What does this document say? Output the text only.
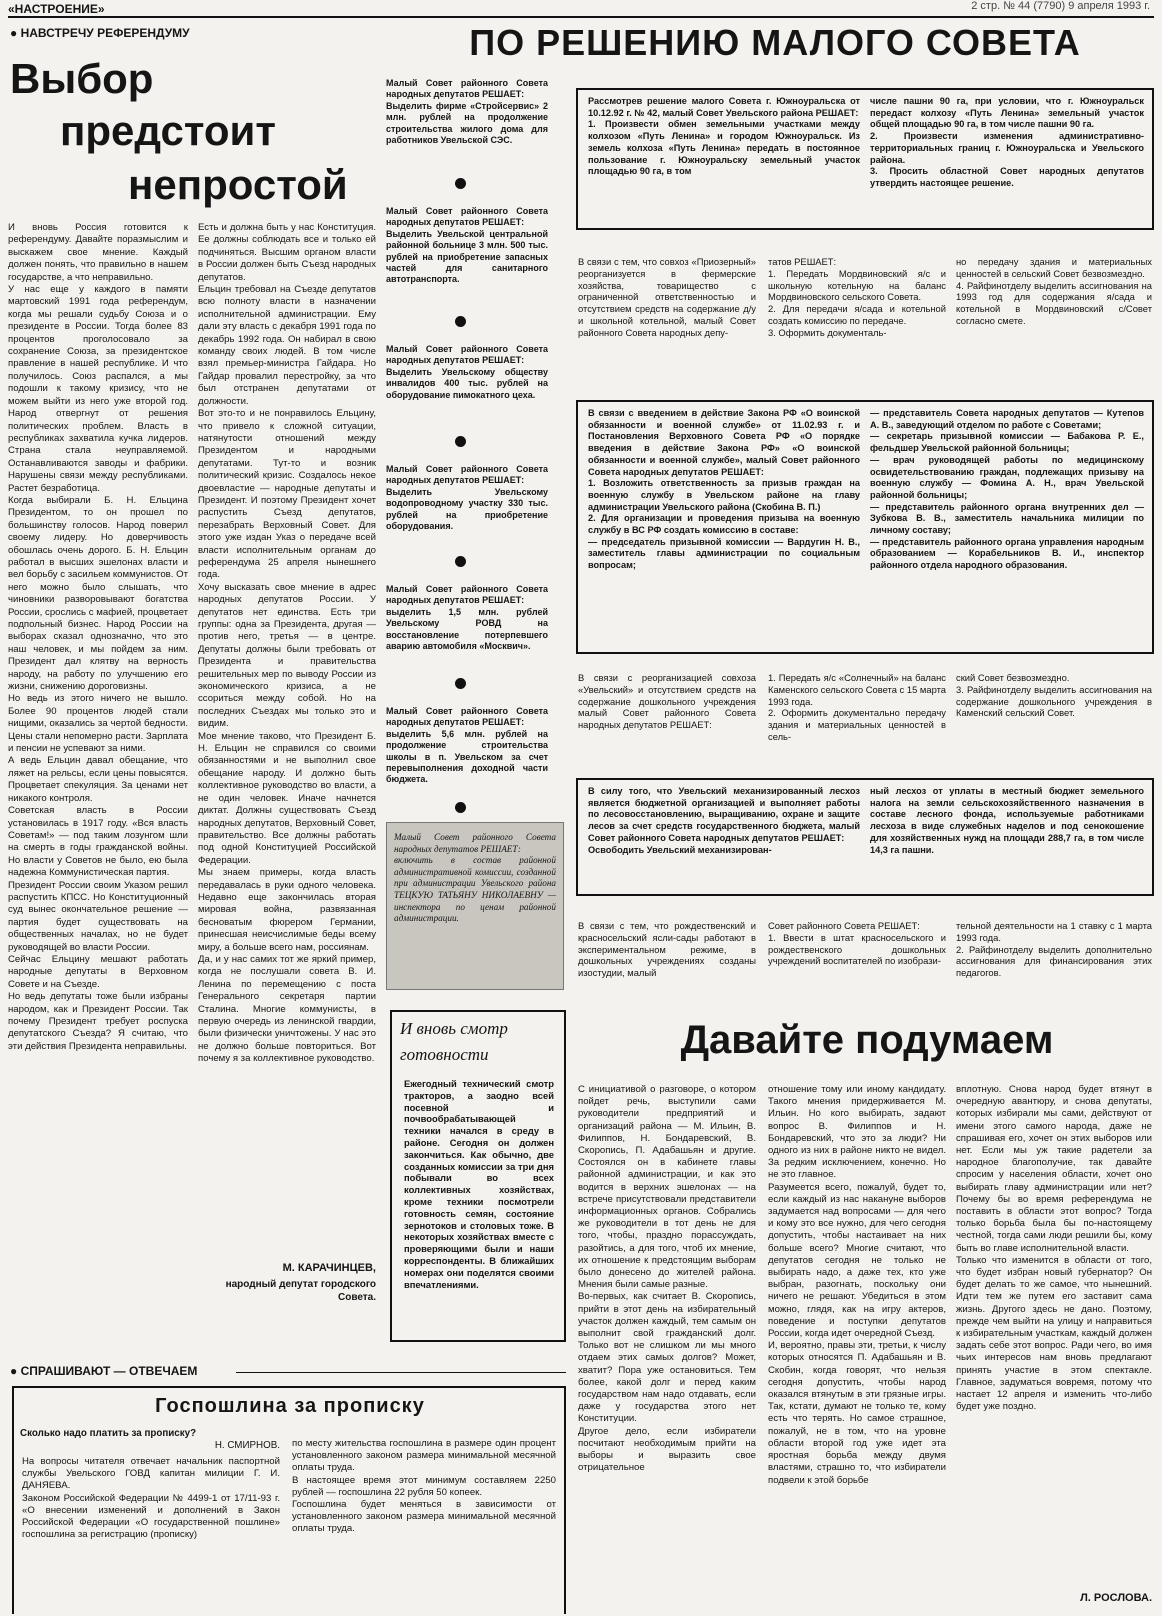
«НАСТРОЕНИЕ»	2 стр. № 44 (7790) 9 апреля 1993 г.
● НАВСТРЕЧУ РЕФЕРЕНДУМУ
Выбор
предстоит
непростой
И вновь Россия готовится к референдуму. Давайте поразмыслим и выскажем свое мнение. Каждый должен понять, что правильно в нашем государстве, а что неправильно.
У нас еще у каждого в памяти мартовский 1991 года референдум, когда мы решали судьбу Союза и о президенте в России. Тогда более 83 процентов проголосовало за сохранение Союза, за президентское правление в нашей республике. И что получилось. Союз распался, а мы подошли к такому кризису, что не можем выйти из него уже второй год. Народ отвергнут от решения политических проблем. Власть в республиках захватила кучка лидеров. Страна стала неуправляемой. Останавливаются заводы и фабрики. Нарушены связи между республиками. Растет безработица.
Когда выбирали Б. Н. Ельцина Президентом, то он прошел по большинству голосов. Народ поверил своему лидеру. Но доверчивость обошлась очень дорого. Б. Н. Ельцин работал в высших эшелонах власти и вел борьбу с засильем коммунистов. От него можно было слышать, что чиновники разворовывают богатства России, срослись с мафией, процветает подпольный бизнес. Народ России на выборах сказал однозначно, что это наш человек, и мы пойдем за ним. Президент дал клятву на верность народу, на работу по улучшению его жизни, снижению дороговизны.
Но ведь из этого ничего не вышло. Более 90 процентов людей стали нищими, оказались за чертой бедности. Цены стали непомерно расти. Зарплата и пенсии не успевают за ними.
А ведь Ельцин давал обещание, что ляжет на рельсы, если цены повысятся. Процветает спекуляция. За ценами нет никакого контроля.
Советская власть в России установилась в 1917 году. «Вся власть Советам!» — под таким лозунгом шли на смерть в годы гражданской войны. Но власти у Советов не было, ею была надежна Коммунистическая партия.
Президент России своим Указом решил распустить КПСС. Но Конституционный суд вынес окончательное решение — партия будет существовать на общественных началах, но не будет руководящей во власти России.
Сейчас Ельцину мешают работать народные депутаты в Верховном Совете и на Съезде.
Но ведь депутаты тоже были избраны народом, как и Президент России. Так почему Президент требует роспуска депутатского Съезда? Я считаю, что эти действия Президента неправильны.
Есть и должна быть у нас Конституция. Ее должны соблюдать все и только ей подчиняться. Высшим органом власти в России должен быть Съезд народных депутатов.
Ельцин требовал на Съезде депутатов всю полноту власти в назначении исполнительной администрации. Ему дали эту власть с декабря 1991 года по декабрь 1992 года. Он набирал в свою команду своих людей. В том числе взял премьер-министра Гайдара. Но Гайдар провалил перестройку, за что был отстранен депутатами от должности.
Вот это-то и не понравилось Ельцину, что привело к сложной ситуации, натянутости отношений между Президентом и народными депутатами. Тут-то и возник политический кризис. Создалось некое двоевластие — народные депутаты и Президент. И поэтому Президент хочет распустить Съезд депутатов, перезабрать Верховный Совет. Для этого уже издан Указ о передаче всей власти исполнительным органам до референдума 25 апреля нынешнего года.
Хочу высказать свое мнение в адрес народных депутатов России. У депутатов нет единства. Есть три группы: одна за Президента, другая — против него, третья — в центре. Депутаты должны были требовать от Президента и правительства решительных мер по выводу России из экономического кризиса, а не ссориться между собой. Но на последних Съездах мы только это и видим.
Мое мнение таково, что Президент Б. Н. Ельцин не справился со своими обязанностями и не выполнил свое обещание народу. И должно быть коллективное руководство во власти, а не один человек. Иначе начнется диктат. Должны существовать Съезд народных депутатов, Верховный Совет, правительство. Все должны работать под одной Конституцией Российской Федерации.
Мы знаем примеры, когда власть передавалась в руки одного человека. Недавно еще закончилась вторая мировая война, развязанная бесноватым фюрером Германии, принесшая неисчислимые беды всему миру, а больше всего нам, россиянам.
Да, и у нас самих тот же яркий пример, когда не послушали совета В. И. Ленина по перемещению с поста Генерального секретаря партии Сталина. Многие коммунисты, в первую очередь из ленинской гвардии, были физически уничтожены. У нас это не должно больше повториться. Вот почему я за коллективное руководство.
М. КАРАЧИНЦЕВ,
народный депутат городского Совета.
ПО РЕШЕНИЮ МАЛОГО СОВЕТА
Малый Совет районного Совета народных депутатов РЕШАЕТ:
Выделить фирме «Стройсервис» 2 млн. рублей на продолжение строительства жилого дома для работников Увельской СЭС.
Малый Совет районного Совета народных депутатов РЕШАЕТ:
Выделить Увельской центральной районной больнице 3 млн. 500 тыс. рублей на приобретение запасных частей для санитарного автотранспорта.
Малый Совет районного Совета народных депутатов РЕШАЕТ:
Выделить Увельскому обществу инвалидов 400 тыс. рублей на оборудование пимокатного цеха.
Малый Совет районного Совета народных депутатов РЕШАЕТ:
Выделить Увельскому водопроводному участку 330 тыс. рублей на приобретение оборудования.
Малый Совет районного Совета народных депутатов РЕШАЕТ:
выделить 1,5 млн. рублей Увельскому РОВД на восстановление потерпевшего аварию автомобиля «Москвич».
Малый Совет районного Совета народных депутатов РЕШАЕТ:
выделить 5,6 млн. рублей на продолжение строительства школы в п. Увельском за счет перевыполнения доходной части бюджета.
Малый Совет районного Совета народных депутатов РЕШАЕТ:
включить в состав районной административной комиссии, созданной при администрации Увельского района ТЕЦКУЮ ТАТЬЯНУ НИКОЛАЕВНУ — инспектора по ценам районной администрации.
Рассмотрев решение малого Совета г. Южноуральска от 10.12.92 г. № 42, малый Совет Увельского района РЕШАЕТ:
1. Произвести обмен земельными участками между колхозом «Путь Ленина» и городом Южноуральск. Из земель колхоза «Путь Ленина» передать в постоянное пользование г. Южноуральску земельный участок площадью 90 га, в том
числе пашни 90 га, при условии, что г. Южноуральск передаст колхозу «Путь Ленина» земельный участок общей площадью 90 га, в том числе пашни 90 га.
2. Произвести изменения административно-территориальных границ г. Южноуральска и Увельского района.
3. Просить областной Совет народных депутатов утвердить настоящее решение.
В связи с тем, что совхоз «Приозерный» реорганизуется в фермерские хозяйства, товарищество с ограниченной ответственностью и отсутствием средств на содержание д/у и школьной котельной, малый Совет районного Совета народных депу-
татов РЕШАЕТ:
1. Передать Мордвиновский я/с и школьную котельную на баланс Мордвиновского сельского Совета.
2. Для передачи я/сада и котельной создать комиссию по передаче.
3. Оформить документаль-
но передачу здания и материальных ценностей в сельский Совет безвозмездно.
4. Райфинотделу выделить ассигнования на 1993 год для содержания я/сада и котельной в Мордвиновский с/Совет согласно смете.
В связи с введением в действие Закона РФ «О воинской обязанности и военной службе» от 11.02.93 г. и Постановления Верховного Совета РФ «О порядке введения в действие Закона РФ» «О воинской обязанности и военной службе», малый Совет районного Совета народных депутатов РЕШАЕТ:
1. Возложить ответственность за призыв граждан на военную службу в Увельском районе на главу администрации Увельского района (Скобина В. П.)
2. Для организации и проведения призыва на военную службу в ВС РФ создать комиссию в составе:
— председатель призывной комиссии — Вардугин Н. В., заместитель главы администрации по социальным вопросам;
— представитель Совета народных депутатов — Кутепов А. В., заведующий отделом по работе с Советами;
— секретарь призывной комиссии — Бабакова Р. Е., фельдшер Увельской районной больницы;
— врач руководящей работы по медицинскому освидетельствованию граждан, подлежащих призыву на военную службу — Фомина А. Н., врач Увельской районной больницы;
— представитель районного органа внутренних дел — Зубкова В. В., заместитель начальника милиции по личному составу;
— представитель районного органа управления народным образованием — Корабельников В. И., инспектор районного отдела народного образования.
В связи с реорганизацией совхоза «Увельский» и отсутствием средств на содержание дошкольного учреждения малый Совет районного Совета народных депутатов РЕШАЕТ:
1. Передать я/с «Солнечный» на баланс Каменского сельского Совета с 15 марта 1993 года.
2. Оформить документально передачу здания и материальных ценностей в сель-
ский Совет безвозмездно.
3. Райфинотделу выделить ассигнования на содержание дошкольного учреждения в Каменский сельский Совет.
В силу того, что Увельский механизированный лесхоз является бюджетной организацией и выполняет работы по лесовосстановлению, выращиванию, охране и защите лесов за счет средств государственного бюджета, малый Совет районного Совета народных депутатов РЕШАЕТ:
Освободить Увельский механизирован-
ный лесхоз от уплаты в местный бюджет земельного налога на земли сельскохозяйственного назначения в составе лесного фонда, используемые работниками лесхоза в виде служебных наделов и под сенокошение для хозяйственных нужд на площади 288,7 га, в том числе 14,3 га пашни.
В связи с тем, что рождественский и красносельский ясли-сады работают в экспериментальном режиме, в дошкольных учреждениях созданы изостудии, малый
Совет районного Совета РЕШАЕТ:
1. Ввести в штат красносельского и рождественского дошкольных учреждений воспитателей по изобрази-
тельной деятельности на 1 ставку с 1 марта 1993 года.
2. Райфинотделу выделить дополнительно ассигнования для финансирования этих педагогов.
И вновь смотр
готовности
Ежегодный технический смотр тракторов, а заодно всей посевной и почвообрабатывающей техники начался в среду в районе. Сегодня он должен закончиться. Как обычно, две созданных комиссии за три дня побывали во всех коллективных хозяйствах, кроме техники посмотрели готовность семян, состояние зернотоков и столовых тоже. В некоторых хозяйствах вместе с проверяющими были и наши корреспонденты. В ближайших номерах они поделятся своими впечатлениями.
Давайте подумаем
С инициативой о разговоре, о котором пойдет речь, выступили сами руководители предприятий и организаций района — М. Ильин, В. Филиппов, Н. Бондаревский, В. Скоропись, П. Адабашьян и другие. Состоялся он в кабинете главы районной администрации, и как это водится в верхних эшелонах — на встрече присутствовали представители информационных органов. Собрались же руководители в тот день не для того, чтобы, праздно порассуждать, разойтись, а для того, чтоб их мнение, их отношение к предстоящим выборам было донесено до жителей района. Мнения были самые разные.
Во-первых, как считает В. Скоропись, прийти в этот день на избирательный участок должен каждый, тем самым он выполнит свой гражданский долг. Только вот не слишком ли мы много отдаем этих самых долгов? Может, хватит? Пора уже остановиться. Тем более, какой долг и перед каким государством нам надо отдавать, если даже у государства этого нет Конституции.
Другое дело, если избиратели посчитают необходимым прийти на выборы и выразить свое отрицательное
отношение тому или иному кандидату. Такого мнения придерживается М. Ильин. Но кого выбирать, задают вопрос В. Филиппов и Н. Бондаревский, что это за люди? Ни одного из них в районе никто не видел. За редким исключением, конечно. Но не это главное.
Разумеется всего, пожалуй, будет то, если каждый из нас накануне выборов задумается над вопросами — для чего и кому это все нужно, для чего сегодня допустить, чтобы настаивает на них больше всего? Многие считают, что депутатов сегодня не только не выбирать надо, а даже тех, кто уже выбран, разогнать, поскольку они ничего не решают. Убедиться в этом можно, глядя, как на игру актеров, поведение и поступки депутатов России, когда идет очередной Съезд.
И, вероятно, правы эти, третьи, к числу которых относятся П. Адабашьян и В. Скобин, когда говорят, что нельзя сегодня допустить, чтобы народ оказался втянутым в эти грязные игры. Так, кстати, думают не только те, кому есть что терять. Но самое страшное, пожалуй, не в том, что на уровне области второй год уже идет эта яростная борьба между двумя властями, страшно то, что избиратели подвели к этой борьбе
вплотную. Снова народ будет втянут в очередную авантюру, и снова депутаты, которых избирали мы сами, действуют от имени этого самого народа, даже не спрашивая его, хочет он этих выборов или нет. Если мы уж такие радетели за народное благополучие, так давайте спросим у населения области, хочет оно выбирать главу администрации или нет? Почему бы во время референдума не поставить в области этот вопрос? Тогда только борьба была бы по-настоящему честной, тогда сами люди решили бы, кому быть во главе исполнительной власти.
Только что изменится в области от того, что будет избран новый губернатор? Он будет делать то же самое, что нынешний. Идти тем же путем его заставит сама жизнь. Другого здесь не дано. Поэтому, прежде чем выйти на улицу и направиться к избирательным участкам, каждый должен задать себе этот вопрос. Ради чего, во имя чьих интересов нам вновь предлагают принять участие в этом спектакле. Главное, задуматься вовремя, потому что настает 12 апреля и изменить что-либо будет уже поздно.
Л. РОСЛОВА.
● СПРАШИВАЮТ — ОТВЕЧАЕМ
Госпошлина за прописку
Сколько надо платить за прописку?
Н. СМИРНОВ.
На вопросы читателя отвечает начальник паспортной службы Увельского ГОВД капитан милиции Г. И. ДАНЯЕВА.
Законом Российской Федерации № 4499-1 от 17/11-93 г. «О внесении изменений и дополнений в Закон Российской Федерации «О государственной пошлине» госпошлина за регистрацию (прописку)
по месту жительства госпошлина в размере один процент установленного законом размера минимальной месячной оплаты труда.
В настоящее время этот минимум составляем 2250 рублей — госпошлина 22 рубля 50 копеек.
Госпошлина будет меняться в зависимости от установленного законом размера минимальной месячной оплаты труда.
